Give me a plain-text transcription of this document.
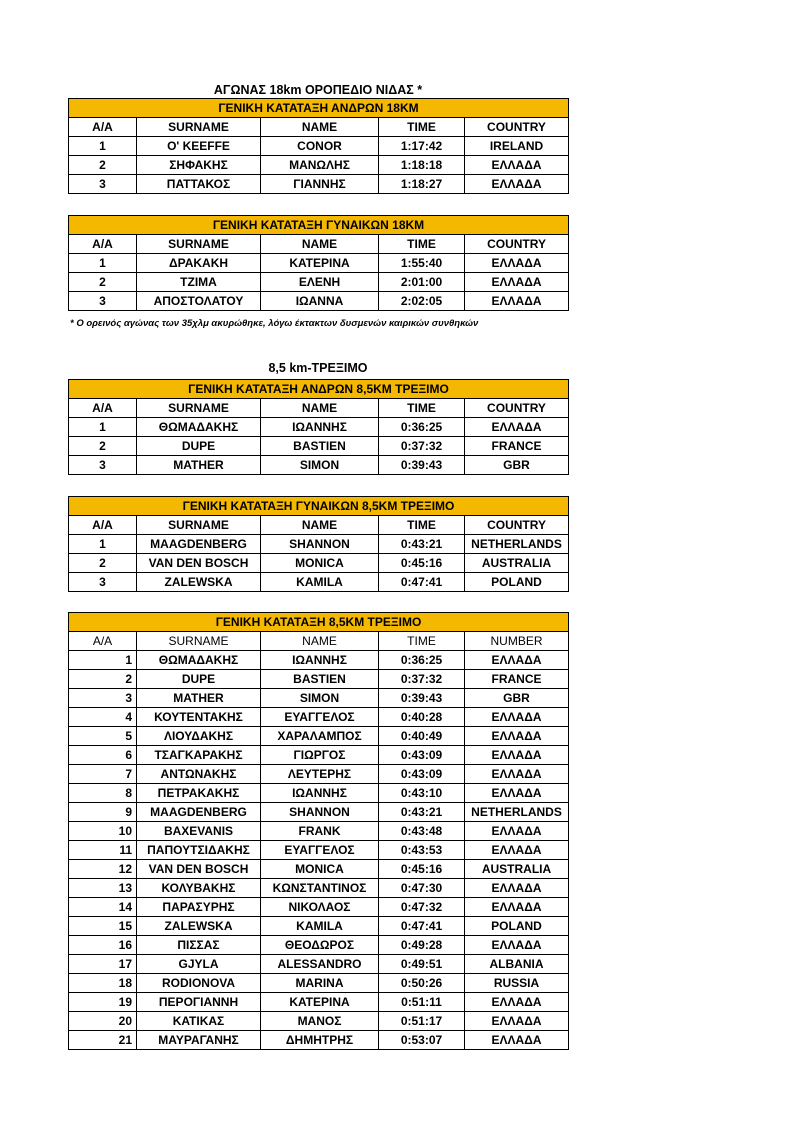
ΑΓΩΝΑΣ 18km ΟΡΟΠΕΔΙΟ ΝΙΔΑΣ *
ΓΕΝΙΚΗ ΚΑΤΑΤΑΞΗ ΑΝΔΡΩΝ 18ΚΜ				
Α/Α	SURNAME	NAME	TIME	COUNTRY
1	O' KEEFFE	CONOR	1:17:42	IRELAND
2	ΣΗΦΑΚΗΣ	ΜΑΝΩΛΗΣ	1:18:18	ΕΛΛΑΔΑ
3	ΠΑΤΤΑΚΟΣ	ΓΙΑΝΝΗΣ	1:18:27	ΕΛΛΑΔΑ
ΓΕΝΙΚΗ ΚΑΤΑΤΑΞΗ ΓΥΝΑΙΚΩΝ 18ΚΜ				
Α/Α	SURNAME	NAME	TIME	COUNTRY
1	ΔΡΑΚΑΚΗ	ΚΑΤΕΡΙΝΑ	1:55:40	ΕΛΛΑΔΑ
2	ΤΖΙΜΑ	ΕΛΕΝΗ	2:01:00	ΕΛΛΑΔΑ
3	ΑΠΟΣΤΟΛΑΤΟΥ	ΙΩΑΝΝΑ	2:02:05	ΕΛΛΑΔΑ
* Ο ορεινός αγώνας των 35χλμ ακυρώθηκε, λόγω έκτακτων δυσμενών καιρικών συνθηκών
8,5 km-ΤΡΕΞΙΜΟ
ΓΕΝΙΚΗ ΚΑΤΑΤΑΞΗ ΑΝΔΡΩΝ 8,5ΚΜ ΤΡΕΞΙΜΟ				
Α/Α	SURNAME	NAME	TIME	COUNTRY
1	ΘΩΜΑΔΑΚΗΣ	ΙΩΑΝΝΗΣ	0:36:25	ΕΛΛΑΔΑ
2	DUPE	BASTIEN	0:37:32	FRANCE
3	MATHER	SIMON	0:39:43	GBR
ΓΕΝΙΚΗ ΚΑΤΑΤΑΞΗ ΓΥΝΑΙΚΩΝ 8,5ΚΜ ΤΡΕΞΙΜΟ				
Α/Α	SURNAME	NAME	TIME	COUNTRY
1	MAAGDENBERG	SHANNON	0:43:21	NETHERLANDS
2	VAN DEN BOSCH	MONICA	0:45:16	AUSTRALIA
3	ZALEWSKA	KAMILA	0:47:41	POLAND
ΓΕΝΙΚΗ ΚΑΤΑΤΑΞΗ 8,5ΚΜ ΤΡΕΞΙΜΟ				
Α/Α	SURNAME	NAME	TIME	NUMBER
1	ΘΩΜΑΔΑΚΗΣ	ΙΩΑΝΝΗΣ	0:36:25	ΕΛΛΑΔΑ
2	DUPE	BASTIEN	0:37:32	FRANCE
3	MATHER	SIMON	0:39:43	GBR
4	ΚΟΥΤΕΝΤΑΚΗΣ	ΕΥΑΓΓΕΛΟΣ	0:40:28	ΕΛΛΑΔΑ
5	ΛΙΟΥΔΑΚΗΣ	ΧΑΡΑΛΑΜΠΟΣ	0:40:49	ΕΛΛΑΔΑ
6	ΤΣΑΓΚΑΡΑΚΗΣ	ΓΙΩΡΓΟΣ	0:43:09	ΕΛΛΑΔΑ
7	ΑΝΤΩΝΑΚΗΣ	ΛΕΥΤΕΡΗΣ	0:43:09	ΕΛΛΑΔΑ
8	ΠΕΤΡΑΚΑΚΗΣ	ΙΩΑΝΝΗΣ	0:43:10	ΕΛΛΑΔΑ
9	MAAGDENBERG	SHANNON	0:43:21	NETHERLANDS
10	BAXEVANIS	FRANK	0:43:48	ΕΛΛΑΔΑ
11	ΠΑΠΟΥΤΣΙΔΑΚΗΣ	ΕΥΑΓΓΕΛΟΣ	0:43:53	ΕΛΛΑΔΑ
12	VAN DEN BOSCH	MONICA	0:45:16	AUSTRALIA
13	ΚΟΛΥΒΑΚΗΣ	ΚΩΝΣΤΑΝΤΙΝΟΣ	0:47:30	ΕΛΛΑΔΑ
14	ΠΑΡΑΣΥΡΗΣ	ΝΙΚΟΛΑΟΣ	0:47:32	ΕΛΛΑΔΑ
15	ZALEWSKA	KAMILA	0:47:41	POLAND
16	ΠΙΣΣΑΣ	ΘΕΟΔΩΡΟΣ	0:49:28	ΕΛΛΑΔΑ
17	GJYLA	ALESSANDRO	0:49:51	ALBANIA
18	RODIONOVA	MARINA	0:50:26	RUSSIA
19	ΠΕΡΟΓΙΑΝΝΗ	ΚΑΤΕΡΙΝΑ	0:51:11	ΕΛΛΑΔΑ
20	ΚΑΤΙΚΑΣ	ΜΑΝΟΣ	0:51:17	ΕΛΛΑΔΑ
21	ΜΑΥΡΑΓΑΝΗΣ	ΔΗΜΗΤΡΗΣ	0:53:07	ΕΛΛΑΔΑ
